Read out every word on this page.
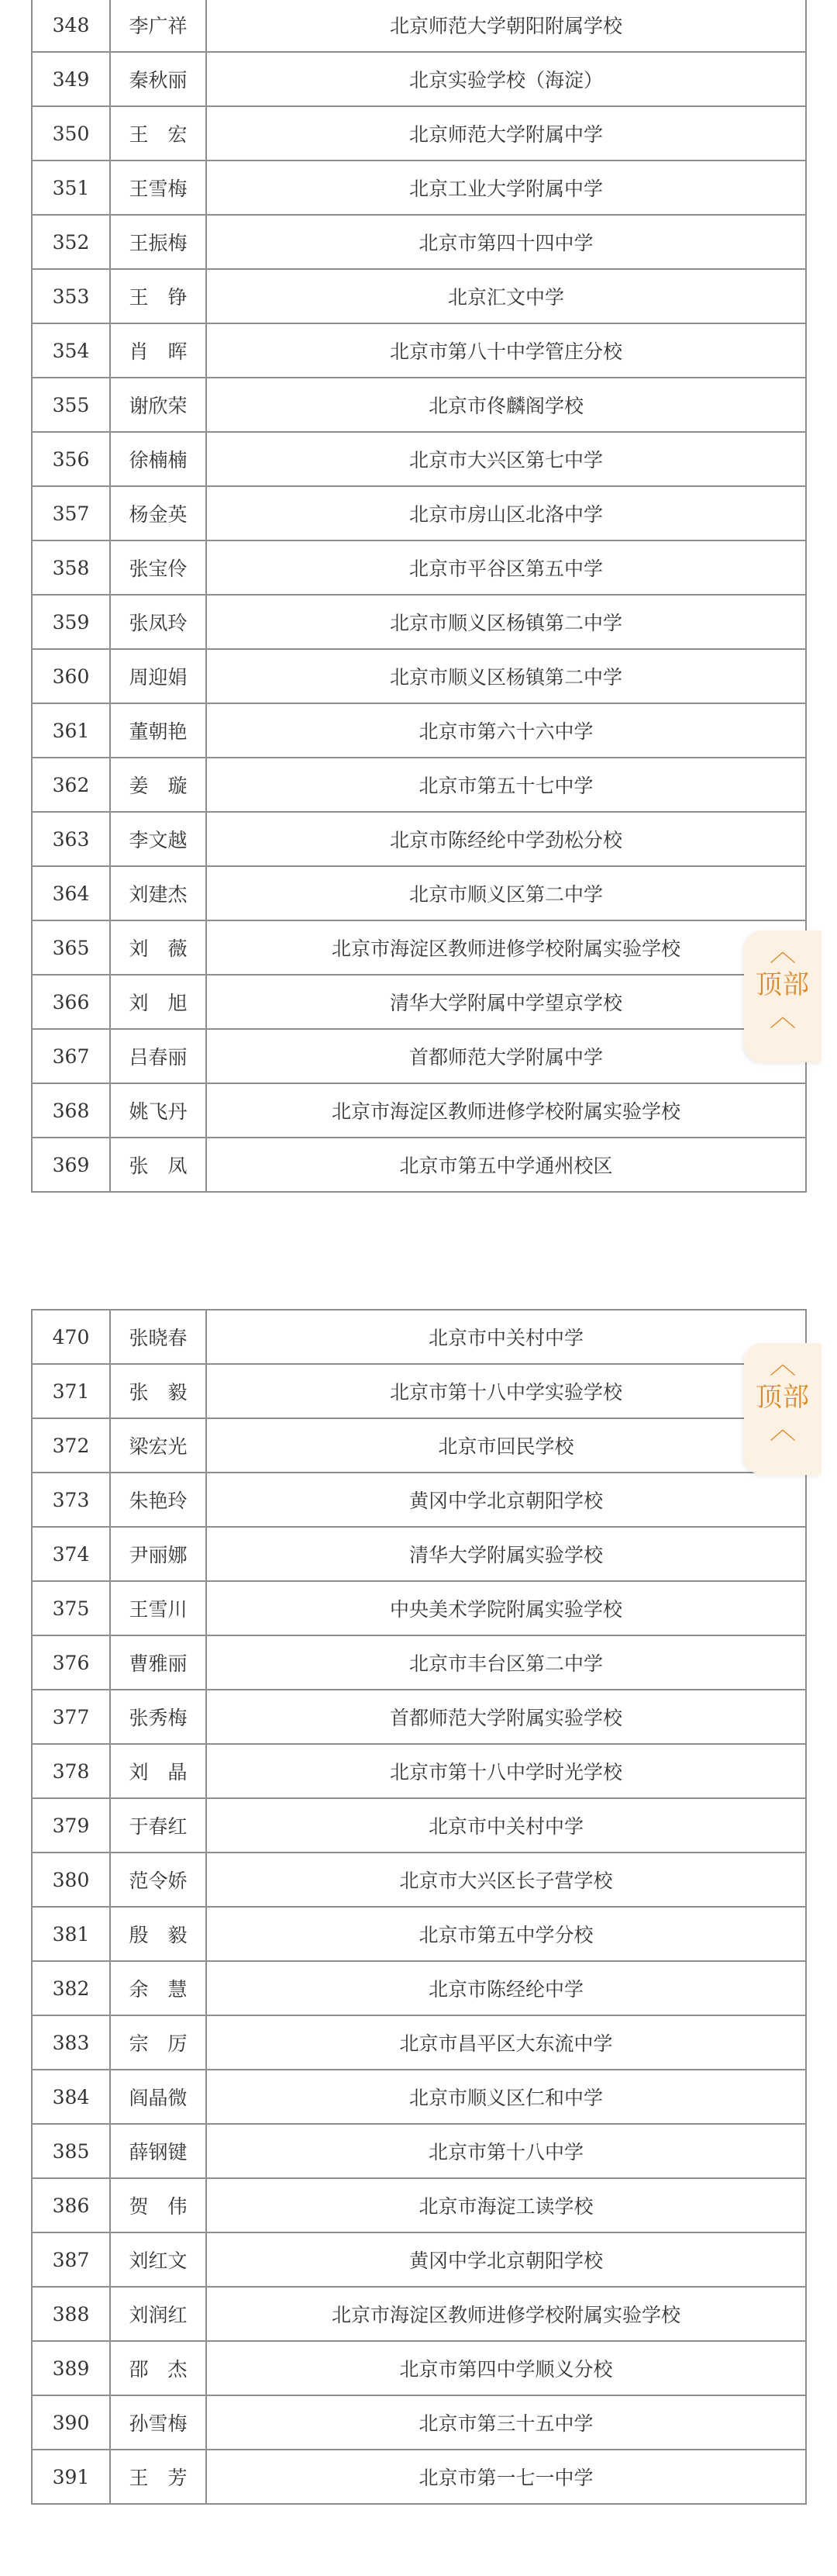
348	李广祥	北京师范大学朝阳附属学校
349	秦秋丽	北京实验学校（海淀）
350	王　宏	北京师范大学附属中学
351	王雪梅	北京工业大学附属中学
352	王振梅	北京市第四十四中学
353	王　铮	北京汇文中学
354	肖　晖	北京市第八十中学管庄分校
355	谢欣荣	北京市佟麟阁学校
356	徐楠楠	北京市大兴区第七中学
357	杨金英	北京市房山区北洛中学
358	张宝伶	北京市平谷区第五中学
359	张凤玲	北京市顺义区杨镇第二中学
360	周迎娟	北京市顺义区杨镇第二中学
361	董朝艳	北京市第六十六中学
362	姜　璇	北京市第五十七中学
363	李文越	北京市陈经纶中学劲松分校
364	刘建杰	北京市顺义区第二中学
365	刘　薇	北京市海淀区教师进修学校附属实验学校
366	刘　旭	清华大学附属中学望京学校
367	吕春丽	首都师范大学附属中学
368	姚飞丹	北京市海淀区教师进修学校附属实验学校
369	张　凤	北京市第五中学通州校区
470	张晓春	北京市中关村中学
371	张　毅	北京市第十八中学实验学校
372	梁宏光	北京市回民学校
373	朱艳玲	黄冈中学北京朝阳学校
374	尹丽娜	清华大学附属实验学校
375	王雪川	中央美术学院附属实验学校
376	曹雅丽	北京市丰台区第二中学
377	张秀梅	首都师范大学附属实验学校
378	刘　晶	北京市第十八中学时光学校
379	于春红	北京市中关村中学
380	范令娇	北京市大兴区长子营学校
381	殷　毅	北京市第五中学分校
382	余　慧	北京市陈经纶中学
383	宗　厉	北京市昌平区大东流中学
384	阎晶微	北京市顺义区仁和中学
385	薛钢键	北京市第十八中学
386	贺　伟	北京市海淀工读学校
387	刘红文	黄冈中学北京朝阳学校
388	刘润红	北京市海淀区教师进修学校附属实验学校
389	邵　杰	北京市第四中学顺义分校
390	孙雪梅	北京市第三十五中学
391	王　芳	北京市第一七一中学
︿
顶部
︿
︿
顶部
︿
